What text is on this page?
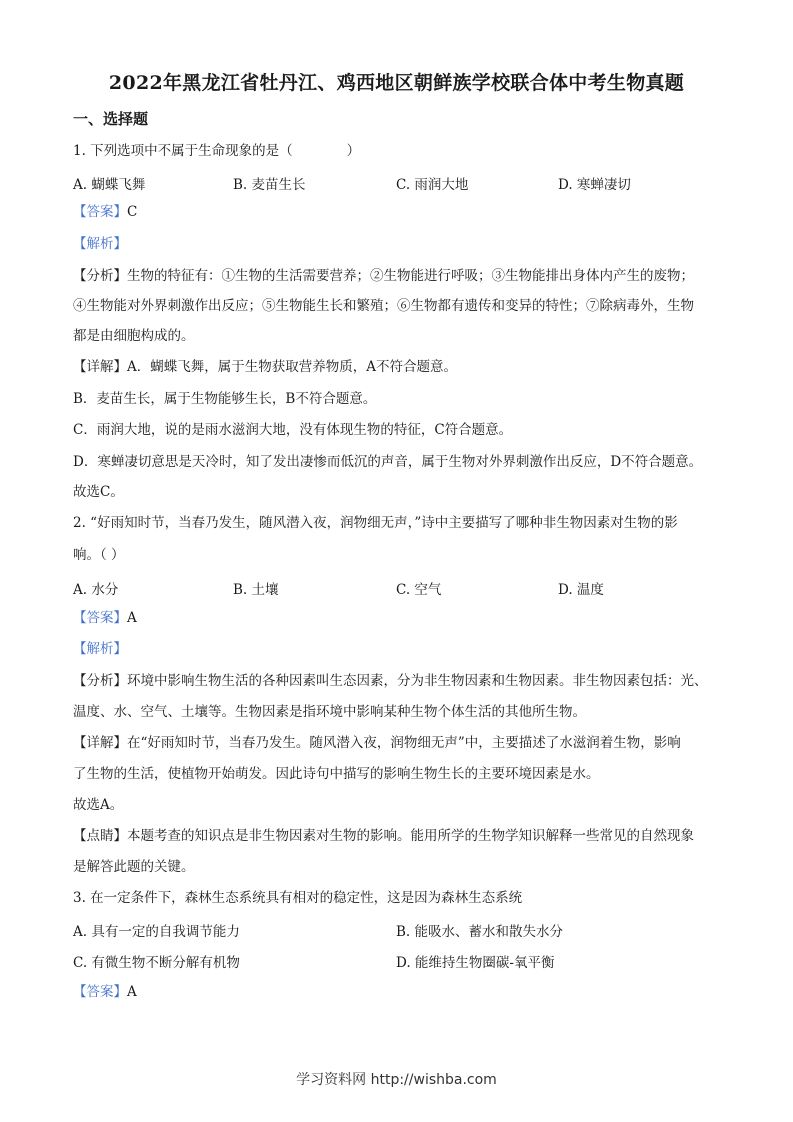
2022年黑龙江省牡丹江、鸡西地区朝鲜族学校联合体中考生物真题
一、选择题
1. 下列选项中不属于生命现象的是（　　　　）
A. 蝴蝶飞舞	B. 麦苗生长	C. 雨润大地	D. 寒蝉凄切
【答案】C
【解析】
【分析】生物的特征有：①生物的生活需要营养；②生物能进行呼吸；③生物能排出身体内产生的废物；
④生物能对外界刺激作出反应；⑤生物能生长和繁殖；⑥生物都有遗传和变异的特性；⑦除病毒外，生物
都是由细胞构成的。
【详解】A．蝴蝶飞舞，属于生物获取营养物质，A不符合题意。
B．麦苗生长，属于生物能够生长，B不符合题意。
C．雨润大地，说的是雨水滋润大地，没有体现生物的特征，C符合题意。
D．寒蝉凄切意思是天冷时，知了发出凄惨而低沉的声音，属于生物对外界刺激作出反应，D不符合题意。
故选C。
2. “好雨知时节，当春乃发生，随风潜入夜，润物细无声，”诗中主要描写了哪种非生物因素对生物的影
响。（ ）
A. 水分	B. 土壤	C. 空气	D. 温度
【答案】A
【解析】
【分析】环境中影响生物生活的各种因素叫生态因素，分为非生物因素和生物因素。非生物因素包括：光、
温度、水、空气、土壤等。生物因素是指环境中影响某种生物个体生活的其他所生物。
【详解】在“好雨知时节，当春乃发生。随风潜入夜，润物细无声”中，主要描述了水滋润着生物，影响
了生物的生活，使植物开始萌发。因此诗句中描写的影响生物生长的主要环境因素是水。
故选A。
【点睛】本题考查的知识点是非生物因素对生物的影响。能用所学的生物学知识解释一些常见的自然现象
是解答此题的关键。
3. 在一定条件下，森林生态系统具有相对的稳定性，这是因为森林生态系统
A. 具有一定的自我调节能力	B. 能吸水、蓄水和散失水分
C. 有微生物不断分解有机物	D. 能维持生物圈碳-氧平衡
【答案】A
学习资料网 http://wishba.com
